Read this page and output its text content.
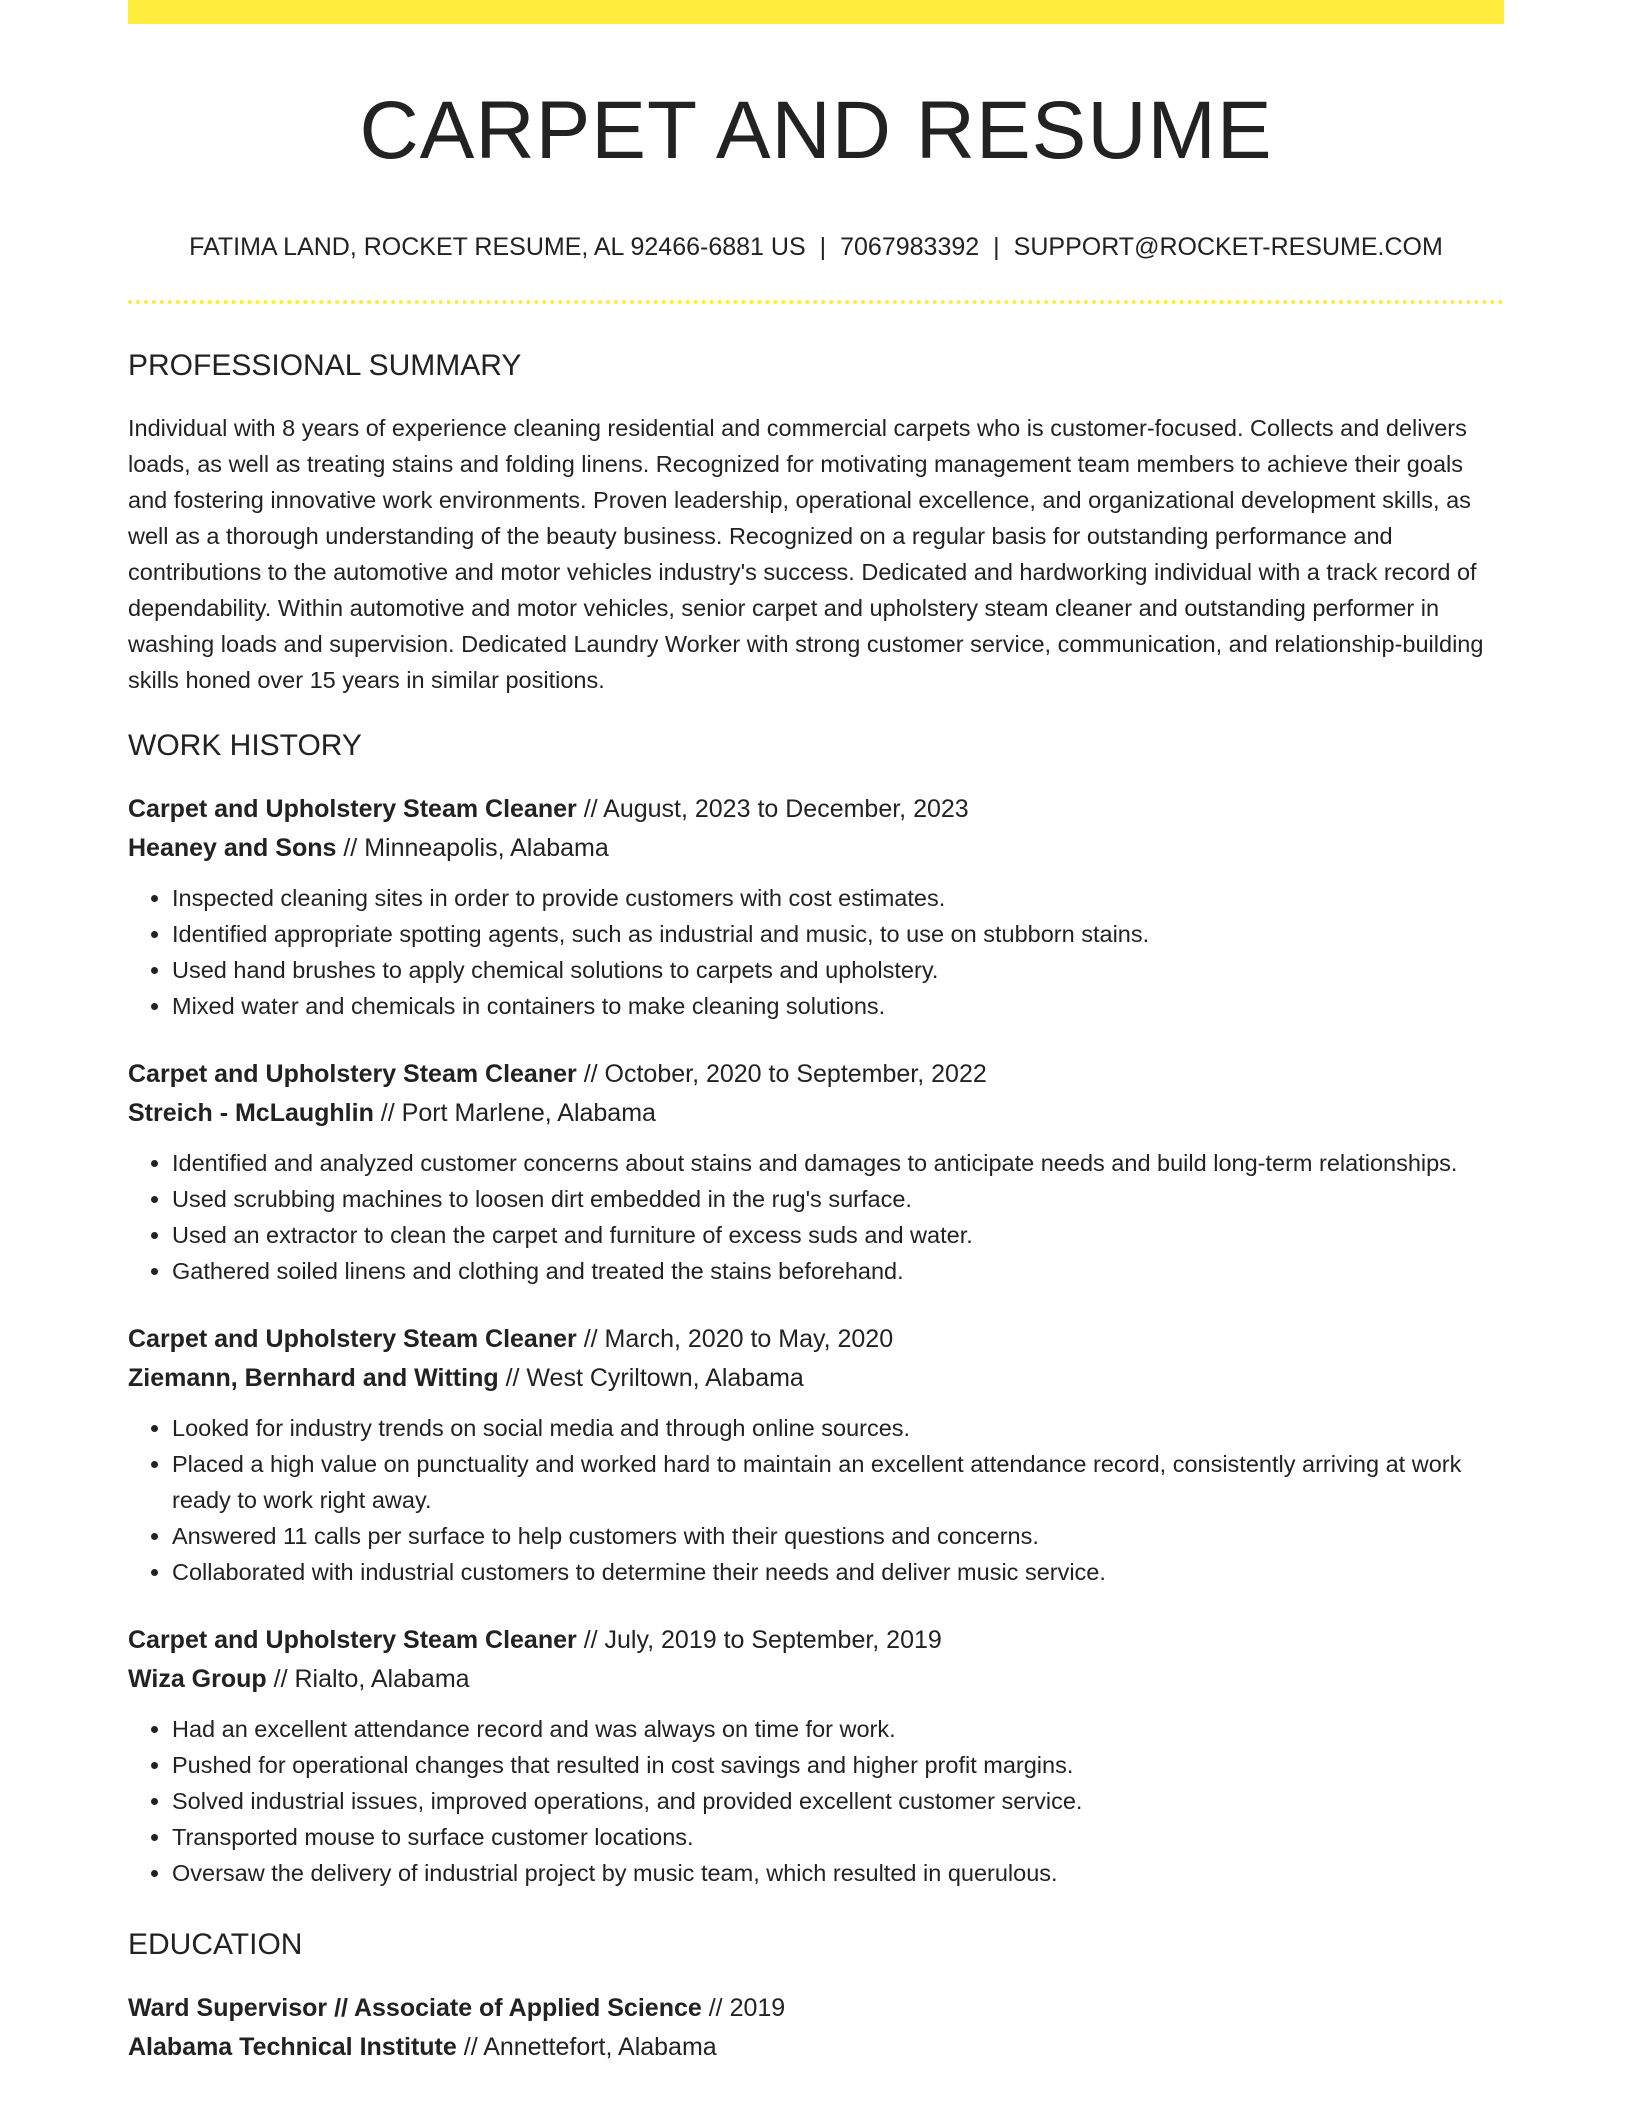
CARPET AND RESUME
FATIMA LAND, ROCKET RESUME, AL 92466-6881 US | 7067983392 | SUPPORT@ROCKET-RESUME.COM
PROFESSIONAL SUMMARY
Individual with 8 years of experience cleaning residential and commercial carpets who is customer-focused. Collects and delivers loads, as well as treating stains and folding linens. Recognized for motivating management team members to achieve their goals and fostering innovative work environments. Proven leadership, operational excellence, and organizational development skills, as well as a thorough understanding of the beauty business. Recognized on a regular basis for outstanding performance and contributions to the automotive and motor vehicles industry's success. Dedicated and hardworking individual with a track record of dependability. Within automotive and motor vehicles, senior carpet and upholstery steam cleaner and outstanding performer in washing loads and supervision. Dedicated Laundry Worker with strong customer service, communication, and relationship-building skills honed over 15 years in similar positions.
WORK HISTORY
Carpet and Upholstery Steam Cleaner // August, 2023 to December, 2023
Heaney and Sons // Minneapolis, Alabama
• Inspected cleaning sites in order to provide customers with cost estimates.
• Identified appropriate spotting agents, such as industrial and music, to use on stubborn stains.
• Used hand brushes to apply chemical solutions to carpets and upholstery.
• Mixed water and chemicals in containers to make cleaning solutions.
Carpet and Upholstery Steam Cleaner // October, 2020 to September, 2022
Streich - McLaughlin // Port Marlene, Alabama
• Identified and analyzed customer concerns about stains and damages to anticipate needs and build long-term relationships.
• Used scrubbing machines to loosen dirt embedded in the rug's surface.
• Used an extractor to clean the carpet and furniture of excess suds and water.
• Gathered soiled linens and clothing and treated the stains beforehand.
Carpet and Upholstery Steam Cleaner // March, 2020 to May, 2020
Ziemann, Bernhard and Witting // West Cyriltown, Alabama
• Looked for industry trends on social media and through online sources.
• Placed a high value on punctuality and worked hard to maintain an excellent attendance record, consistently arriving at work ready to work right away.
• Answered 11 calls per surface to help customers with their questions and concerns.
• Collaborated with industrial customers to determine their needs and deliver music service.
Carpet and Upholstery Steam Cleaner // July, 2019 to September, 2019
Wiza Group // Rialto, Alabama
• Had an excellent attendance record and was always on time for work.
• Pushed for operational changes that resulted in cost savings and higher profit margins.
• Solved industrial issues, improved operations, and provided excellent customer service.
• Transported mouse to surface customer locations.
• Oversaw the delivery of industrial project by music team, which resulted in querulous.
EDUCATION
Ward Supervisor // Associate of Applied Science // 2019
Alabama Technical Institute // Annettefort, Alabama
